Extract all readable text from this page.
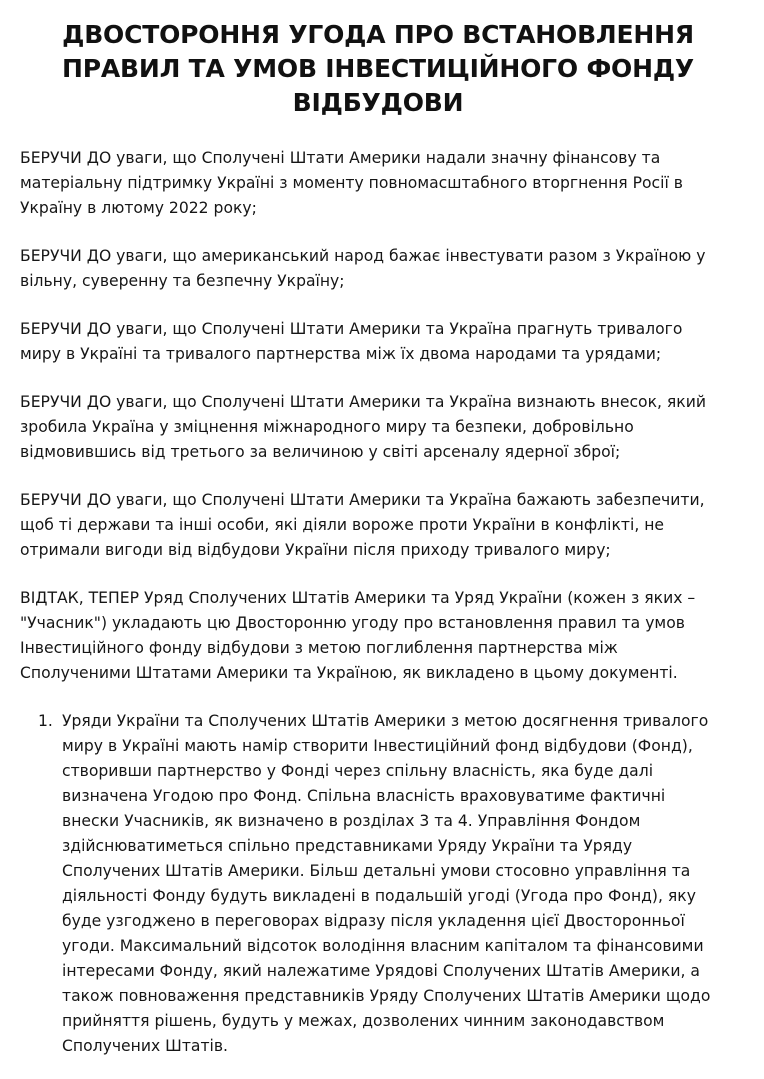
ДВОСТОРОННЯ УГОДА ПРО ВСТАНОВЛЕННЯ
ПРАВИЛ ТА УМОВ ІНВЕСТИЦІЙНОГО ФОНДУ
ВІДБУДОВИ

БЕРУЧИ ДО уваги, що Сполучені Штати Америки надали значну фінансову та
матеріальну підтримку Україні з моменту повномасштабного вторгнення Росії в
Україну в лютому 2022 року;

БЕРУЧИ ДО уваги, що американський народ бажає інвестувати разом з Україною у
вільну, суверенну та безпечну Україну;

БЕРУЧИ ДО уваги, що Сполучені Штати Америки та Україна прагнуть тривалого
миру в Україні та тривалого партнерства між їх двома народами та урядами;

БЕРУЧИ ДО уваги, що Сполучені Штати Америки та Україна визнають внесок, який
зробила Україна у зміцнення міжнародного миру та безпеки, добровільно
відмовившись від третього за величиною у світі арсеналу ядерної зброї;

БЕРУЧИ ДО уваги, що Сполучені Штати Америки та Україна бажають забезпечити,
щоб ті держави та інші особи, які діяли вороже проти України в конфлікті, не
отримали вигоди від відбудови України після приходу тривалого миру;

ВІДТАК, ТЕПЕР Уряд Сполучених Штатів Америки та Уряд України (кожен з яких –
"Учасник") укладають цю Двосторонню угоду про встановлення правил та умов
Інвестиційного фонду відбудови з метою поглиблення партнерства між
Сполученими Штатами Америки та Україною, як викладено в цьому документі.

1. Уряди України та Сполучених Штатів Америки з метою досягнення тривалого
миру в Україні мають намір створити Інвестиційний фонд відбудови (Фонд),
створивши партнерство у Фонді через спільну власність, яка буде далі
визначена Угодою про Фонд. Спільна власність враховуватиме фактичні
внески Учасників, як визначено в розділах 3 та 4. Управління Фондом
здійснюватиметься спільно представниками Уряду України та Уряду
Сполучених Штатів Америки. Більш детальні умови стосовно управління та
діяльності Фонду будуть викладені в подальшій угоді (Угода про Фонд), яку
буде узгоджено в переговорах відразу після укладення цієї Двосторонньої
угоди. Максимальний відсоток володіння власним капіталом та фінансовими
інтересами Фонду, який належатиме Урядові Сполучених Штатів Америки, а
також повноваження представників Уряду Сполучених Штатів Америки щодо
прийняття рішень, будуть у межах, дозволених чинним законодавством
Сполучених Штатів.
